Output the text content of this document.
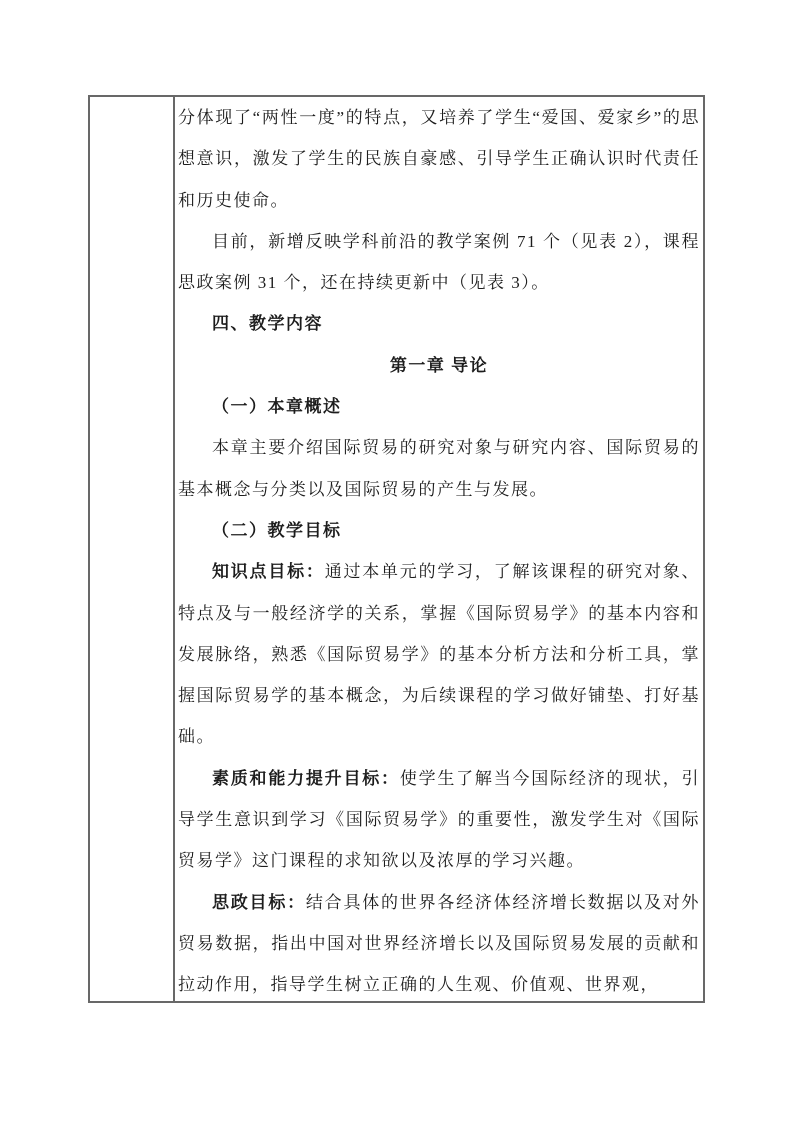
分体现了“两性一度”的特点，又培养了学生“爱国、爱家乡”的思想意识，激发了学生的民族自豪感、引导学生正确认识时代责任和历史使命。

目前，新增反映学科前沿的教学案例 71 个（见表 2），课程思政案例 31 个，还在持续更新中（见表 3）。

四、教学内容

第一章 导论

（一）本章概述

本章主要介绍国际贸易的研究对象与研究内容、国际贸易的基本概念与分类以及国际贸易的产生与发展。

（二）教学目标

知识点目标：通过本单元的学习，了解该课程的研究对象、特点及与一般经济学的关系，掌握《国际贸易学》的基本内容和发展脉络，熟悉《国际贸易学》的基本分析方法和分析工具，掌握国际贸易学的基本概念，为后续课程的学习做好铺垫、打好基础。

素质和能力提升目标：使学生了解当今国际经济的现状，引导学生意识到学习《国际贸易学》的重要性，激发学生对《国际贸易学》这门课程的求知欲以及浓厚的学习兴趣。

思政目标：结合具体的世界各经济体经济增长数据以及对外贸易数据，指出中国对世界经济增长以及国际贸易发展的贡献和拉动作用，指导学生树立正确的人生观、价值观、世界观，
